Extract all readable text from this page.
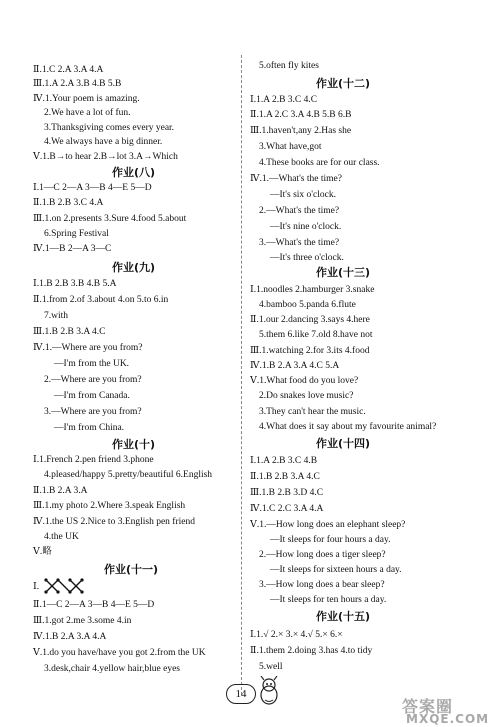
Ⅱ.1.C 2.A 3.A 4.A
Ⅲ.1.A 2.A 3.B 4.B 5.B
Ⅳ.1.Your poem is amazing.
2.We have a lot of fun.
3.Thanksgiving comes every year.
4.We always have a big dinner.
Ⅴ.1.B→to hear 2.B→lot 3.A→Which
作业(八)
Ⅰ.1—C 2—A 3—B 4—E 5—D
Ⅱ.1.B 2.B 3.C 4.A
Ⅲ.1.on 2.presents 3.Sure 4.food 5.about
6.Spring Festival
Ⅳ.1—B 2—A 3—C
作业(九)
Ⅰ.1.B 2.B 3.B 4.B 5.A
Ⅱ.1.from 2.of 3.about 4.on 5.to 6.in
7.with
Ⅲ.1.B 2.B 3.A 4.C
Ⅳ.1.—Where are you from?
—I'm from the UK.
2.—Where are you from?
—I'm from Canada.
3.—Where are you from?
—I'm from China.
作业(十)
Ⅰ.1.French 2.pen friend 3.phone
4.pleased/happy 5.pretty/beautiful 6.English
Ⅱ.1.B 2.A 3.A
Ⅲ.1.my photo 2.Where 3.speak English
Ⅳ.1.the US 2.Nice to 3.English pen friend
4.the UK
Ⅴ.略
作业(十一)
Ⅰ.
Ⅱ.1—C 2—A 3—B 4—E 5—D
Ⅲ.1.got 2.me 3.some 4.in
Ⅳ.1.B 2.A 3.A 4.A
Ⅴ.1.do you have/have you got 2.from the UK
3.desk,chair 4.yellow hair,blue eyes
5.often fly kites
作业(十二)
Ⅰ.1.A 2.B 3.C 4.C
Ⅱ.1.A 2.C 3.A 4.B 5.B 6.B
Ⅲ.1.haven't,any 2.Has she
3.What have,got
4.These books are for our class.
Ⅳ.1.—What's the time?
—It's six o'clock.
2.—What's the time?
—It's nine o'clock.
3.—What's the time?
—It's three o'clock.
作业(十三)
Ⅰ.1.noodles 2.hamburger 3.snake
4.bamboo 5.panda 6.flute
Ⅱ.1.our 2.dancing 3.says 4.here
5.them 6.like 7.old 8.have not
Ⅲ.1.watching 2.for 3.its 4.food
Ⅳ.1.B 2.A 3.A 4.C 5.A
Ⅴ.1.What food do you love?
2.Do snakes love music?
3.They can't hear the music.
4.What does it say about my favourite animal?
作业(十四)
Ⅰ.1.A 2.B 3.C 4.B
Ⅱ.1.B 2.B 3.A 4.C
Ⅲ.1.B 2.B 3.D 4.C
Ⅳ.1.C 2.C 3.A 4.A
Ⅴ.1.—How long does an elephant sleep?
—It sleeps for four hours a day.
2.—How long does a tiger sleep?
—It sleeps for sixteen hours a day.
3.—How long does a bear sleep?
—It sleeps for ten hours a day.
作业(十五)
Ⅰ.1.√ 2.× 3.× 4.√ 5.× 6.×
Ⅱ.1.them 2.doing 3.has 4.to tidy
5.well
14
答案圈
MXQE.COM
